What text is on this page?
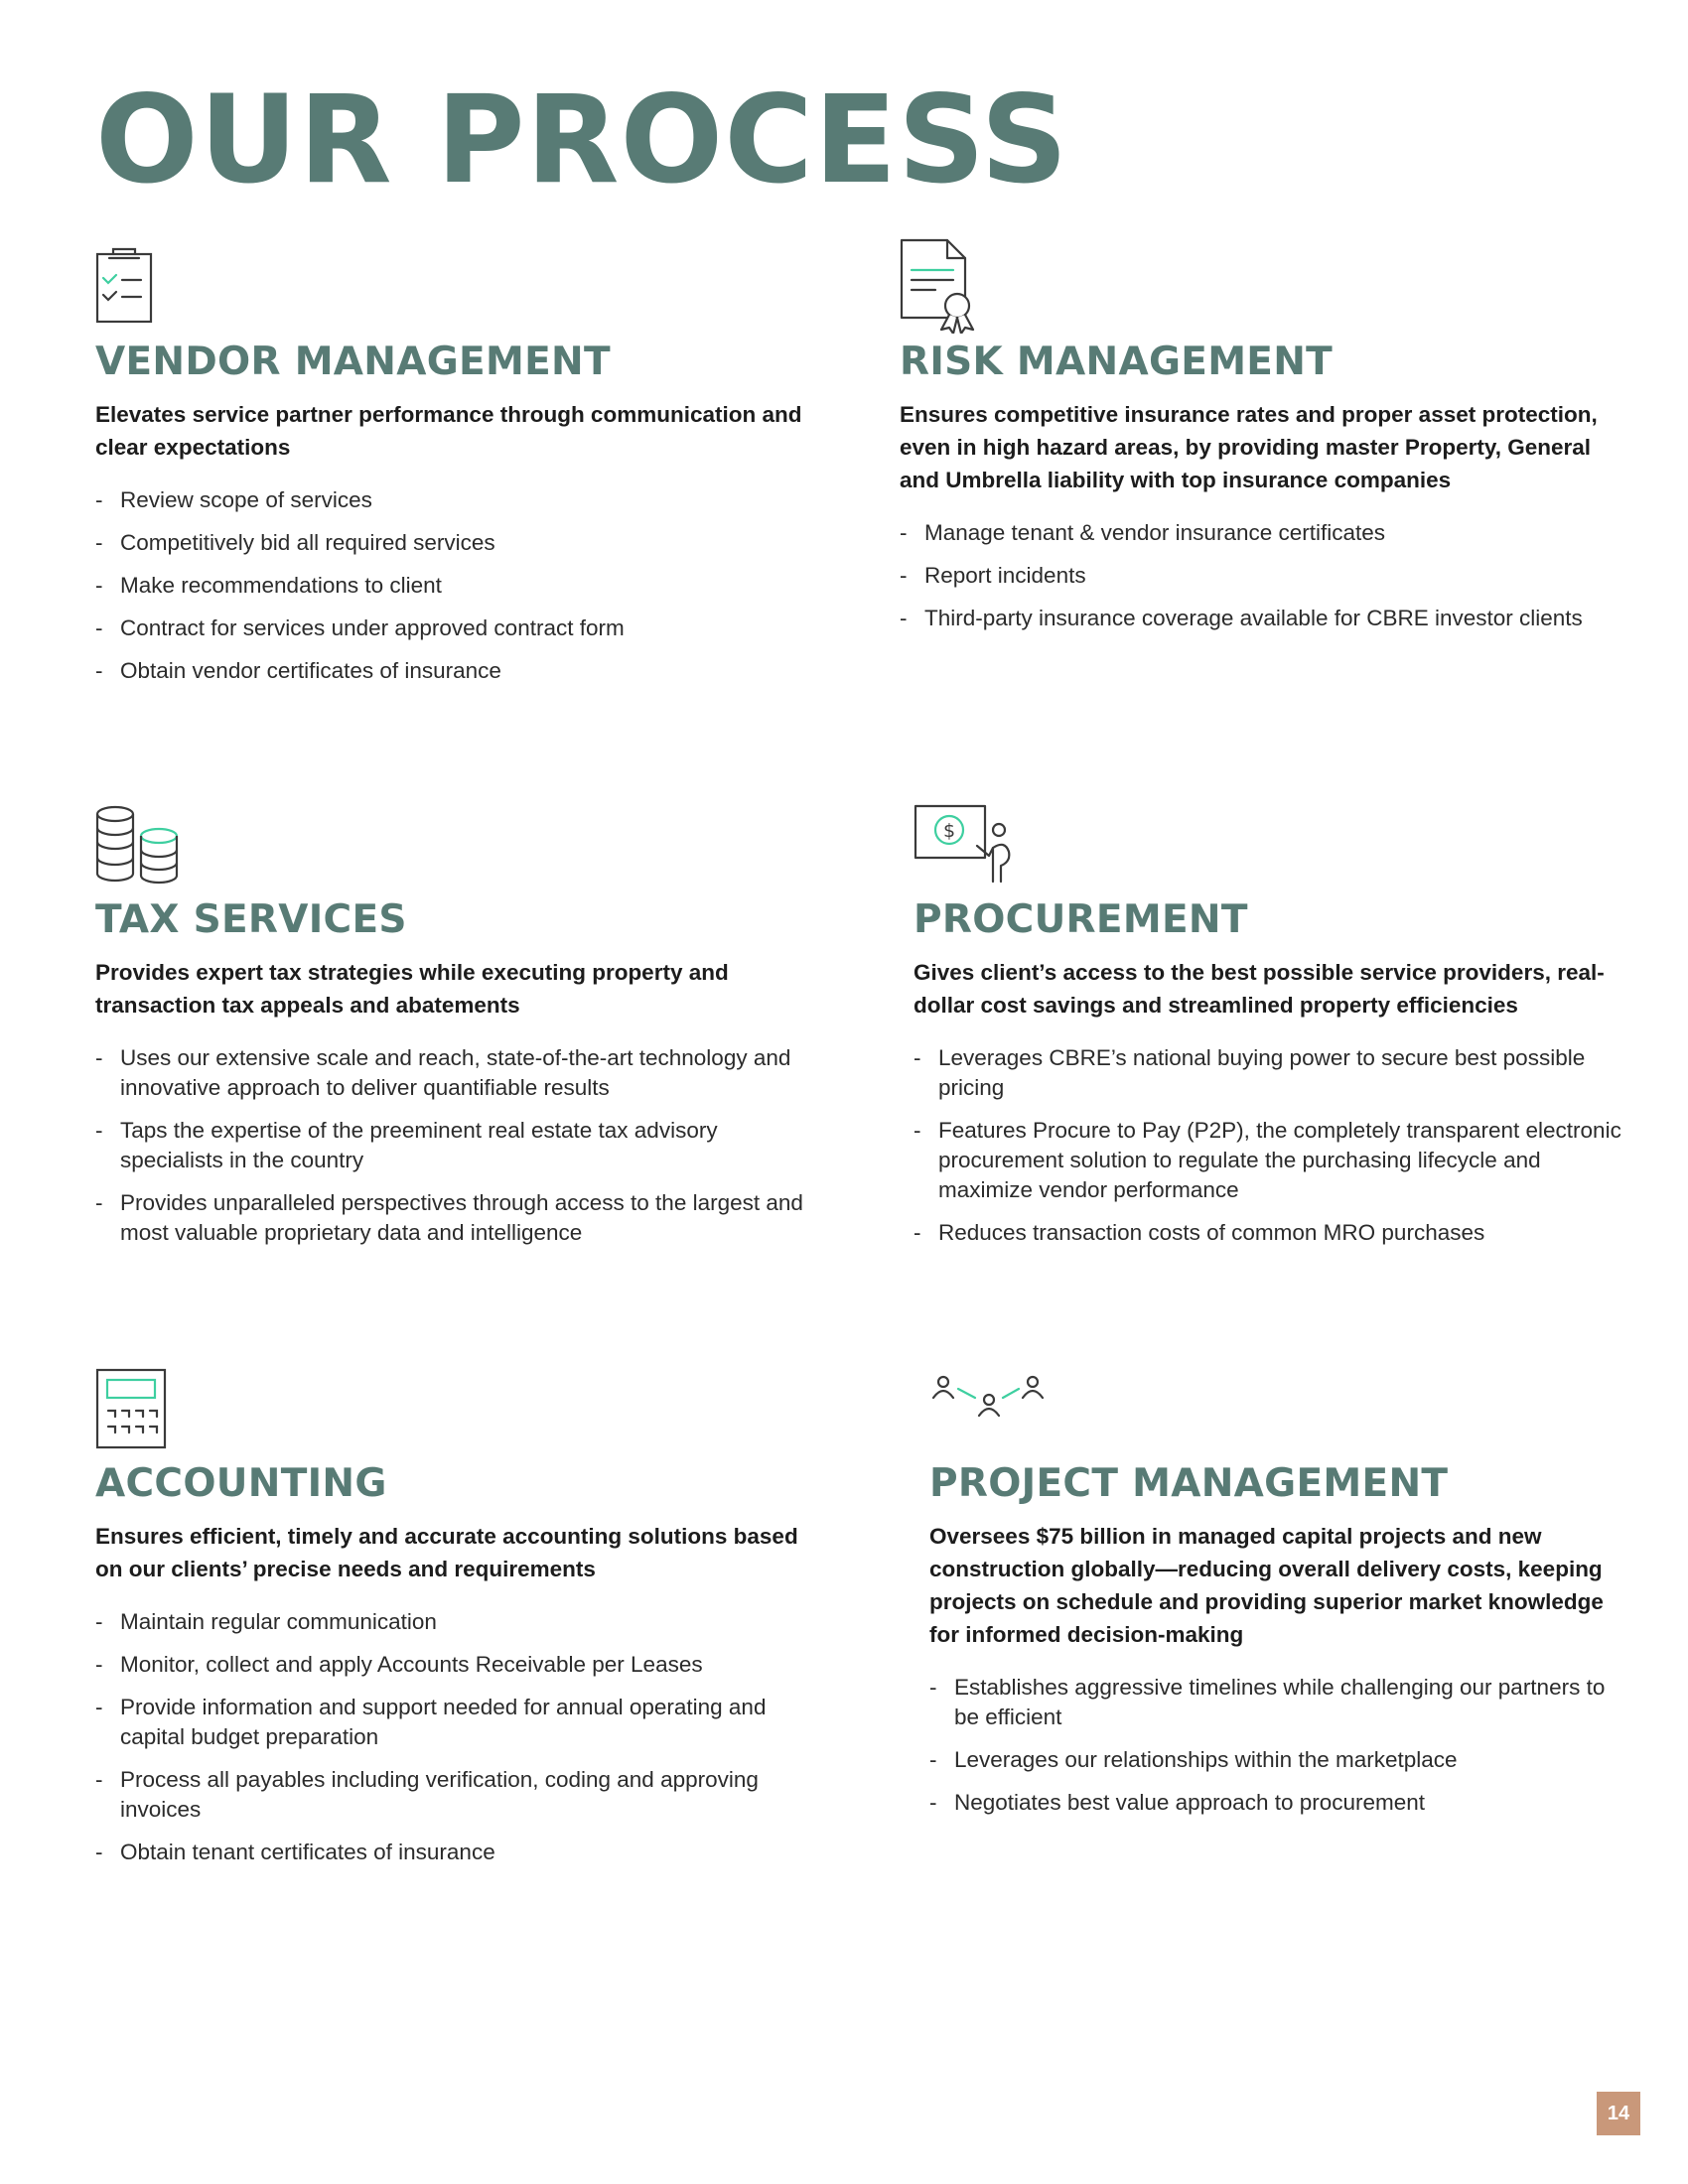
OUR PROCESS
VENDOR MANAGEMENT

Elevates service partner performance through communication and clear expectations

- Review scope of services
- Competitively bid all required services
- Make recommendations to client
- Contract for services under approved contract form
- Obtain vendor certificates of insurance
RISK MANAGEMENT

Ensures competitive insurance rates and proper asset protection, even in high hazard areas, by providing master Property, General and Umbrella liability with top insurance companies

- Manage tenant & vendor insurance certificates
- Report incidents
- Third-party insurance coverage available for CBRE investor clients
TAX SERVICES

Provides expert tax strategies while executing property and transaction tax appeals and abatements

- Uses our extensive scale and reach, state-of-the-art technology and innovative approach to deliver quantifiable results
- Taps the expertise of the preeminent real estate tax advisory specialists in the country
- Provides unparalleled perspectives through access to the largest and most valuable proprietary data and intelligence
$
PROCUREMENT

Gives client’s access to the best possible service providers, real-dollar cost savings and streamlined property efficiencies

- Leverages CBRE’s national buying power to secure best possible pricing
- Features Procure to Pay (P2P), the completely transparent electronic procurement solution to regulate the purchasing lifecycle and maximize vendor performance
- Reduces transaction costs of common MRO purchases
ACCOUNTING

Ensures efficient, timely and accurate accounting solutions based on our clients’ precise needs and requirements

- Maintain regular communication
- Monitor, collect and apply Accounts Receivable per Leases
- Provide information and support needed for annual operating and capital budget preparation
- Process all payables including verification, coding and approving invoices
- Obtain tenant certificates of insurance
PROJECT MANAGEMENT

Oversees $75 billion in managed capital projects and new construction globally—reducing overall delivery costs, keeping projects on schedule and providing superior market knowledge for informed decision-making

- Establishes aggressive timelines while challenging our partners to be efficient
- Leverages our relationships within the marketplace
- Negotiates best value approach to procurement
14
